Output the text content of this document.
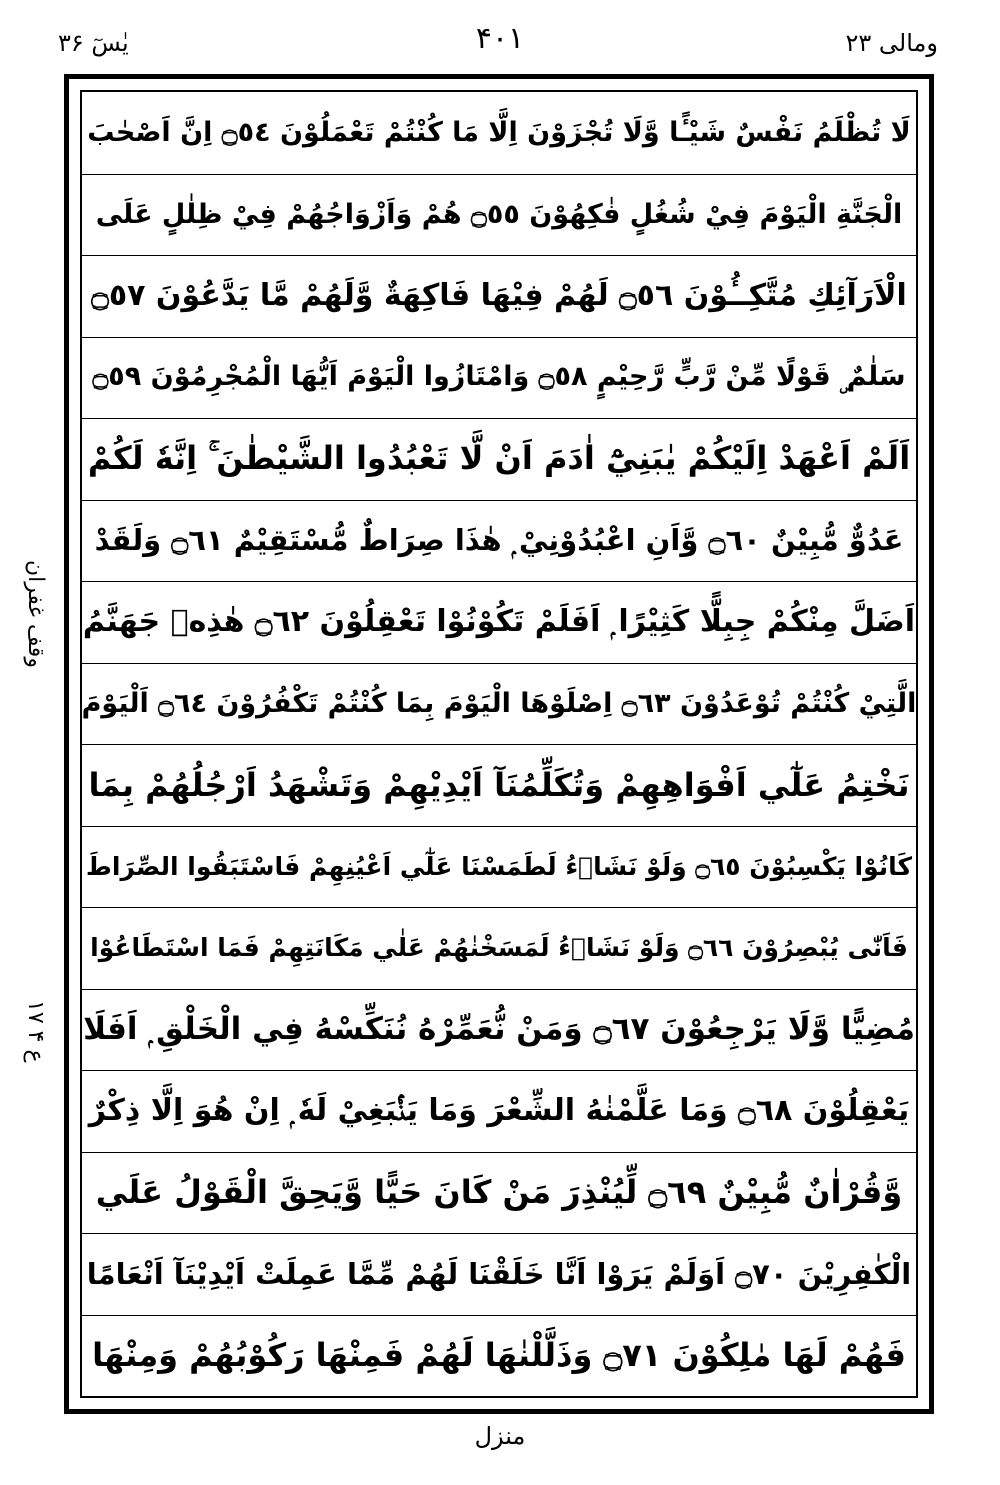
یٰسٓ ۳۶	۴۰۱	ومالی ۲۳
لَا تُظْلَمُ نَفْسٌ شَيْـًٔا وَّلَا تُجْزَوْنَ اِلَّا مَا كُنْتُمْ تَعْمَلُوْنَ ۝٥٤ اِنَّ اَصْحٰبَ
الْجَنَّةِ الْيَوْمَ فِيْ شُغُلٍ فٰكِهُوْنَ ۝٥٥ هُمْ وَاَزْوَاجُهُمْ فِيْ ظِلٰلٍ عَلَى
الْاَرَآئِكِ مُتَّكِــُٔوْنَ ۝٥٦ لَهُمْ فِيْهَا فَاكِهَةٌ وَّلَهُمْ مَّا يَدَّعُوْنَ ۝٥٧
سَلٰمٌ ۣ قَوْلًا مِّنْ رَّبٍّ رَّحِيْمٍ ۝٥٨ وَامْتَازُوا الْيَوْمَ اَيُّهَا الْمُجْرِمُوْنَ ۝٥٩
اَلَمْ اَعْهَدْ اِلَيْكُمْ يٰبَنِيْٓ اٰدَمَ اَنْ لَّا تَعْبُدُوا الشَّيْطٰنَ ۚ اِنَّهٗ لَكُمْ
عَدُوٌّ مُّبِيْنٌ ۝٦٠ وَّاَنِ اعْبُدُوْنِيْ ۭ هٰذَا صِرَاطٌ مُّسْتَقِيْمٌ ۝٦١ وَلَقَدْ
اَضَلَّ مِنْكُمْ جِبِلًّا كَثِيْرًا ۭ اَفَلَمْ تَكُوْنُوْا تَعْقِلُوْنَ ۝٦٢ هٰذِهٖ جَهَنَّمُ
الَّتِيْ كُنْتُمْ تُوْعَدُوْنَ ۝٦٣ اِصْلَوْهَا الْيَوْمَ بِمَا كُنْتُمْ تَكْفُرُوْنَ ۝٦٤ اَلْيَوْمَ
نَخْتِمُ عَلٰٓي اَفْوَاهِهِمْ وَتُكَلِّمُنَآ اَيْدِيْهِمْ وَتَشْهَدُ اَرْجُلُهُمْ بِمَا
كَانُوْا يَكْسِبُوْنَ ۝٦٥ وَلَوْ نَشَاۗءُ لَطَمَسْنَا عَلٰٓي اَعْيُنِهِمْ فَاسْتَبَقُوا الصِّرَاطَ
فَاَنّٰى يُبْصِرُوْنَ ۝٦٦ وَلَوْ نَشَاۗءُ لَمَسَخْنٰهُمْ عَلٰي مَكَانَتِهِمْ فَمَا اسْتَطَاعُوْا
مُضِيًّا وَّلَا يَرْجِعُوْنَ ۝٦٧ وَمَنْ نُّعَمِّرْهُ نُنَكِّسْهُ فِي الْخَلْقِ ۭ اَفَلَا
يَعْقِلُوْنَ ۝٦٨ وَمَا عَلَّمْنٰهُ الشِّعْرَ وَمَا يَنْۢبَغِيْ لَهٗ ۭ اِنْ هُوَ اِلَّا ذِكْرٌ
وَّقُرْاٰنٌ مُّبِيْنٌ ۝٦٩ لِّيُنْذِرَ مَنْ كَانَ حَيًّا وَّيَحِقَّ الْقَوْلُ عَلَي
الْكٰفِرِيْنَ ۝٧٠ اَوَلَمْ يَرَوْا اَنَّا خَلَقْنَا لَهُمْ مِّمَّا عَمِلَتْ اَيْدِيْنَآ اَنْعَامًا
فَهُمْ لَهَا مٰلِكُوْنَ ۝٧١ وَذَلَّلْنٰهَا لَهُمْ فَمِنْهَا رَكُوْبُهُمْ وَمِنْهَا
وقف غفران
ع ۴ ۱۷
منزل
